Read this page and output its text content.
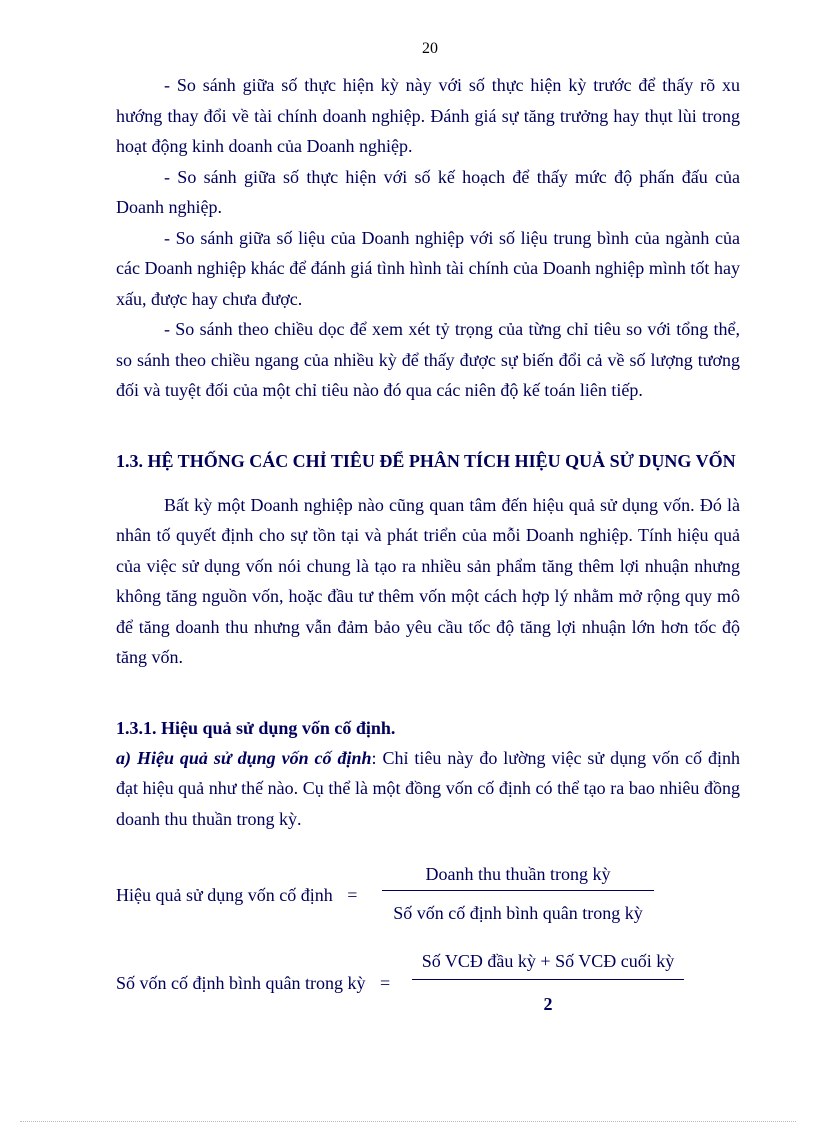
20

- So sánh giữa số thực hiện kỳ này với số thực hiện kỳ trước để thấy rõ xu hướng thay đổi về tài chính doanh nghiệp. Đánh giá sự tăng trưởng hay thụt lùi trong hoạt động kinh doanh của Doanh nghiệp.

- So sánh giữa số thực hiện với số kế hoạch để thấy mức độ phấn đấu của Doanh nghiệp.

- So sánh giữa số liệu của Doanh nghiệp với số liệu trung bình của ngành của các Doanh nghiệp khác để đánh giá tình hình tài chính của Doanh nghiệp mình tốt hay xấu, được hay chưa được.

- So sánh theo chiều dọc để xem xét tỷ trọng của từng chỉ tiêu so với tổng thể, so sánh theo chiều ngang của nhiều kỳ để thấy được sự biến đổi cả về số lượng tương đối và tuyệt đối của một chỉ tiêu nào đó qua các niên độ kế toán liên tiếp.

1.3. HỆ THỐNG CÁC CHỈ TIÊU ĐỂ PHÂN TÍCH HIỆU QUẢ SỬ DỤNG VỐN

Bất kỳ một Doanh nghiệp nào cũng quan tâm đến hiệu quả sử dụng vốn. Đó là nhân tố quyết định cho sự tồn tại và phát triển của mỗi Doanh nghiệp. Tính hiệu quả của việc sử dụng vốn nói chung là tạo ra nhiều sản phẩm tăng thêm lợi nhuận nhưng không tăng nguồn vốn, hoặc đầu tư thêm vốn một cách hợp lý nhằm mở rộng quy mô để tăng doanh thu nhưng vẫn đảm bảo yêu cầu tốc độ tăng lợi nhuận lớn hơn tốc độ tăng vốn.

1.3.1. Hiệu quả sử dụng vốn cố định.

a) Hiệu quả sử dụng vốn cố định: Chỉ tiêu này đo lường việc sử dụng vốn cố định đạt hiệu quả như thế nào. Cụ thể là một đồng vốn cố định có thể tạo ra bao nhiêu đồng doanh thu thuần trong kỳ.

Hiệu quả sử dụng vốn cố định =
Doanh thu thuần trong kỳ
Số vốn cố định bình quân trong kỳ
Số vốn cố định bình quân trong kỳ =
Số VCĐ đầu kỳ + Số VCĐ cuối kỳ
2
